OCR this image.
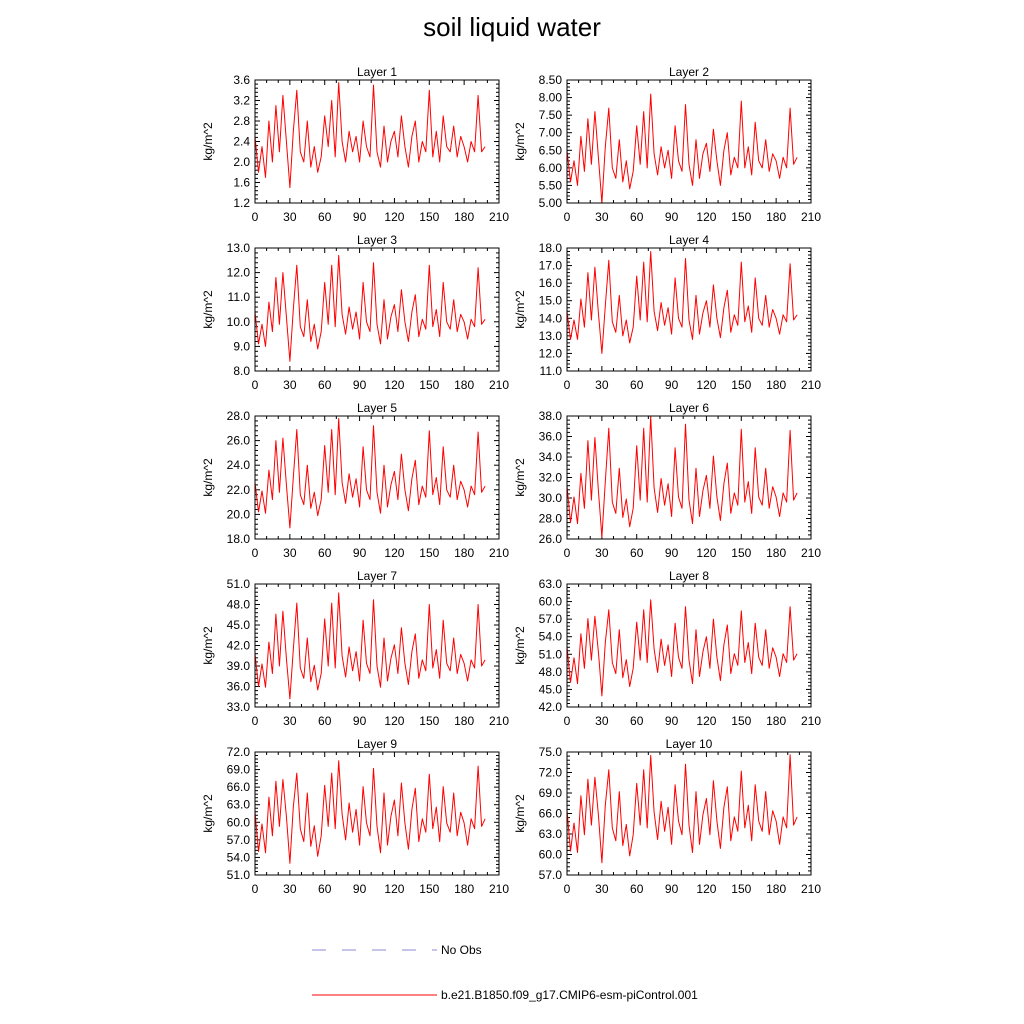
soil liquid water
Layer 1
kg/m^2
0 30 60 90 120 150 180 210
1.2
1.6
2.0
2.4
2.8
3.2
3.6
Layer 2
kg/m^2
0 30 60 90 120 150 180 210
5.00
5.50
6.00
6.50
7.00
7.50
8.00
8.50
Layer 3
kg/m^2
0 30 60 90 120 150 180 210
8.0
9.0
10.0
11.0
12.0
13.0
Layer 4
kg/m^2
0 30 60 90 120 150 180 210
11.0
12.0
13.0
14.0
15.0
16.0
17.0
18.0
Layer 5
kg/m^2
0 30 60 90 120 150 180 210
18.0
20.0
22.0
24.0
26.0
28.0
Layer 6
kg/m^2
0 30 60 90 120 150 180 210
26.0
28.0
30.0
32.0
34.0
36.0
38.0
Layer 7
kg/m^2
0 30 60 90 120 150 180 210
33.0
36.0
39.0
42.0
45.0
48.0
51.0
Layer 8
kg/m^2
0 30 60 90 120 150 180 210
42.0
45.0
48.0
51.0
54.0
57.0
60.0
63.0
Layer 9
kg/m^2
0 30 60 90 120 150 180 210
51.0
54.0
57.0
60.0
63.0
66.0
69.0
72.0
Layer 10
kg/m^2
0 30 60 90 120 150 180 210
57.0
60.0
63.0
66.0
69.0
72.0
75.0
No Obs
b.e21.B1850.f09_g17.CMIP6-esm-piControl.001
